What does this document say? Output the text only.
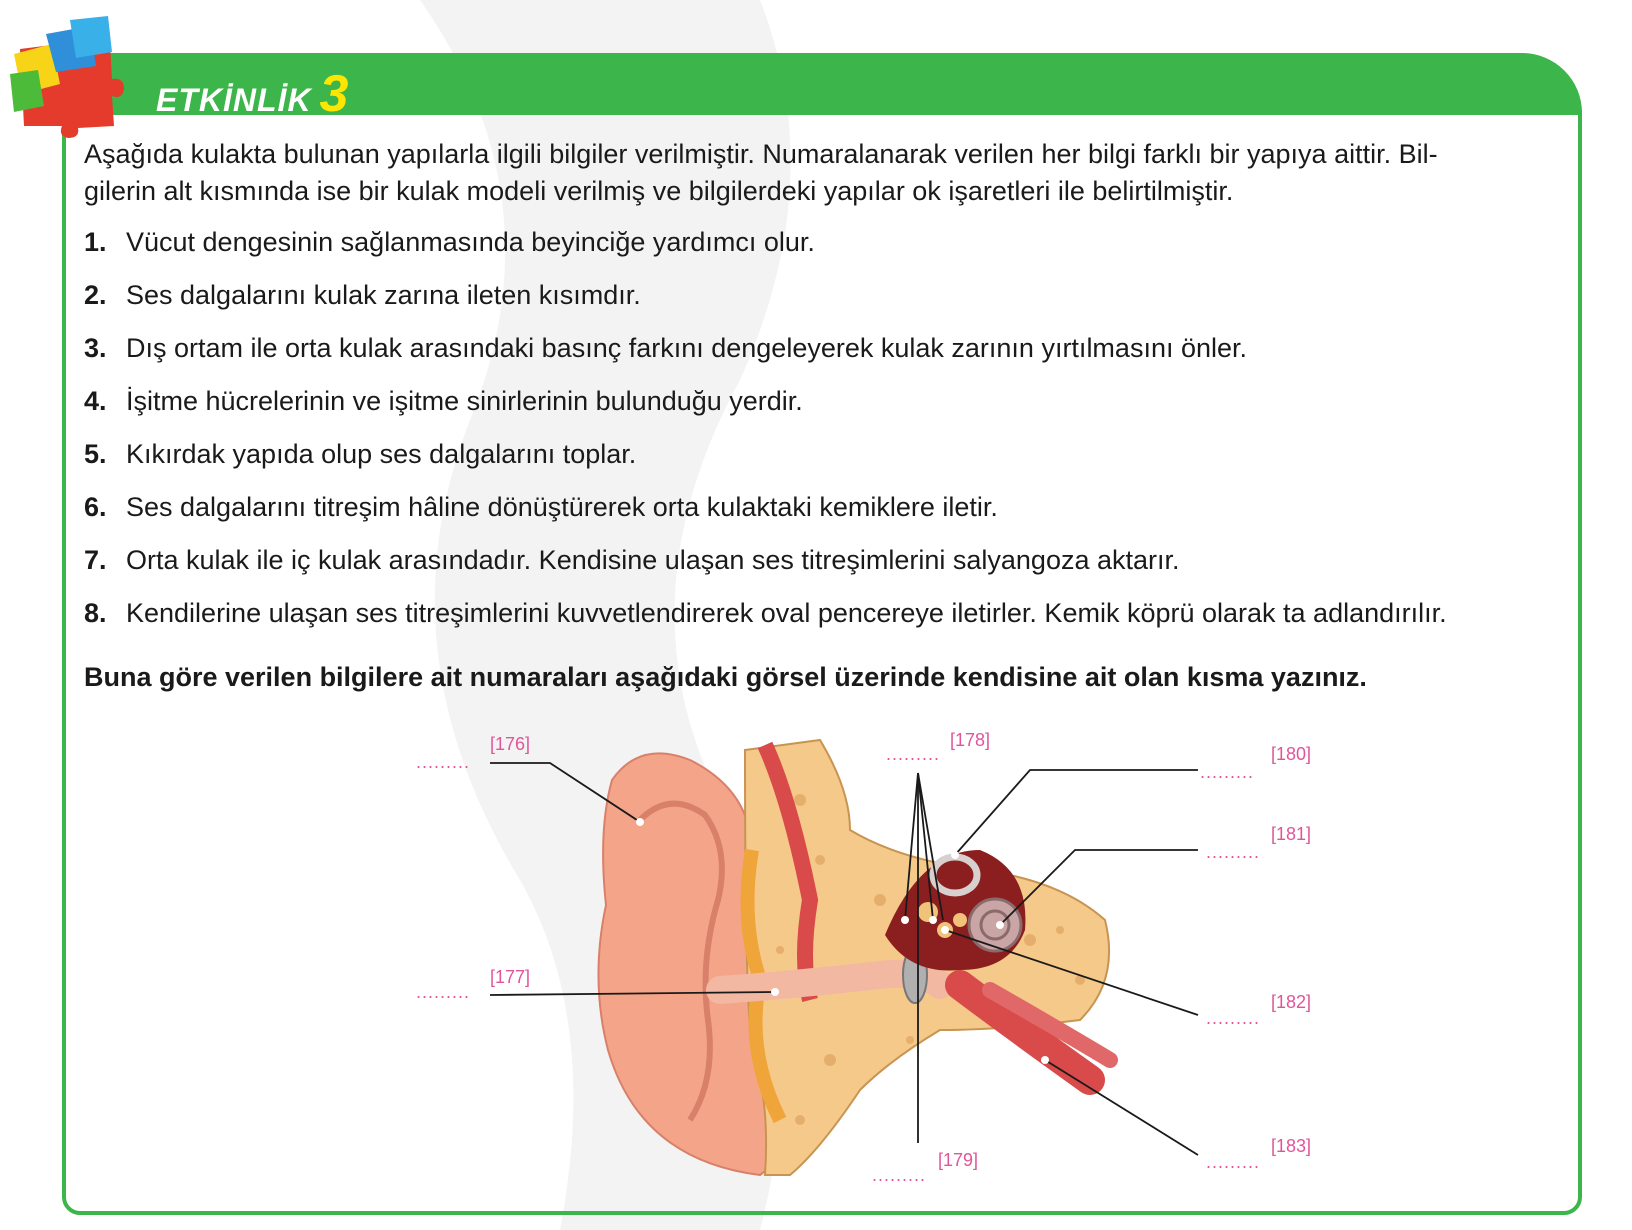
ETKİNLİK 3

Aşağıda kulakta bulunan yapılarla ilgili bilgiler verilmiştir. Numaralanarak verilen her bilgi farklı bir yapıya aittir. Bil-
gilerin alt kısmında ise bir kulak modeli verilmiş ve bilgilerdeki yapılar ok işaretleri ile belirtilmiştir.

1. Vücut dengesinin sağlanmasında beyinciğe yardımcı olur.
2. Ses dalgalarını kulak zarına ileten kısımdır.
3. Dış ortam ile orta kulak arasındaki basınç farkını dengeleyerek kulak zarının yırtılmasını önler.
4. İşitme hücrelerinin ve işitme sinirlerinin bulunduğu yerdir.
5. Kıkırdak yapıda olup ses dalgalarını toplar.
6. Ses dalgalarını titreşim hâline dönüştürerek orta kulaktaki kemiklere iletir.
7. Orta kulak ile iç kulak arasındadır. Kendisine ulaşan ses titreşimlerini salyangoza aktarır.
8. Kendilerine ulaşan ses titreşimlerini kuvvetlendirerek oval pencereye iletirler. Kemik köprü olarak ta adlandırılır.

Buna göre verilen bilgilere ait numaraları aşağıdaki görsel üzerinde kendisine ait olan kısma yazınız.

.........
[176]
.........
[177]
.........
[178]
.........
[179]
.........
[180]
.........
[181]
.........
[182]
.........
[183]
